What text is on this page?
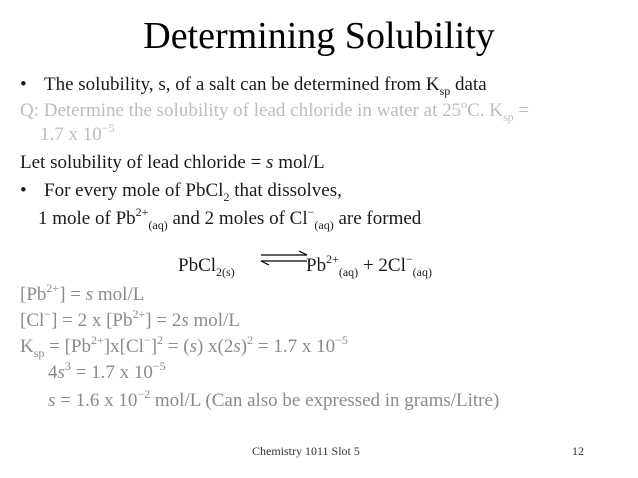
Determining Solubility
• The solubility, s, of a salt can be determined from $K_{sp}$ data
Q: Determine the solubility of lead chloride in water at 25$^o$C. $K_{sp}$ =
1.7 x $10^{-5}$
Let solubility of lead chloride = s mol/L
• For every mole of PbCl$_2$ that dissolves,
1 mole of $Pb^{2+}_{(aq)}$ and 2 moles of $Cl^-_{(aq)}$ are formed
PbCl$_{2(s)}$	$Pb^{2+}_{(aq)} + 2Cl^-_{(aq)}$
$[Pb^{2+}] = s$ mol/L
[Cl−] = 2 x $[Pb^{2+}] = 2s$ mol/L
$K_{sp} = [Pb^{2+}]x[Cl^-]^2 = (s) x(2s)^2 = 1.7$ x $10^{-5}$
$4s^3 = 1.7$ x $10^{-5}$
s = 1.6 x $10^{-2}$ mol/L (Can also be expressed in grams/Litre)
Chemistry 1011 Slot 5	12
